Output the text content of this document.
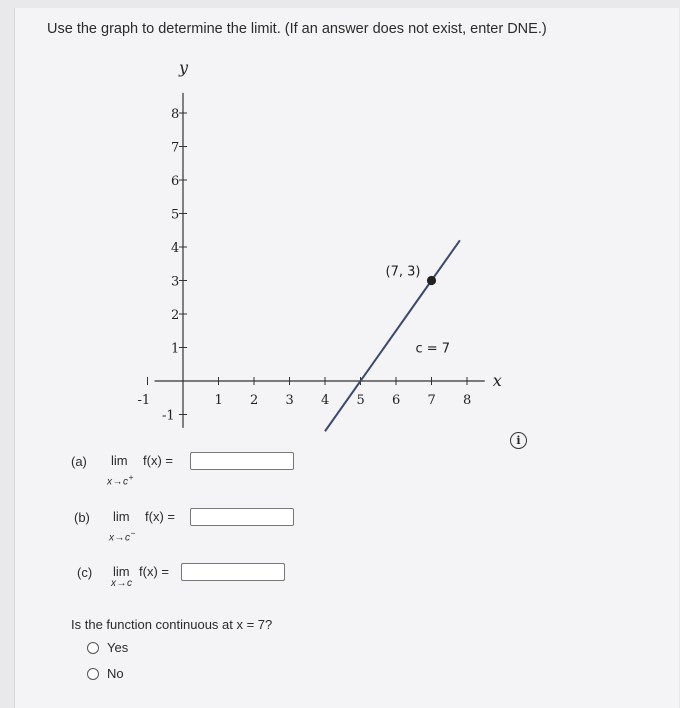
Use the graph to determine the limit. (If an answer does not exist, enter DNE.)
x
y
-1	1 2 3 4 5 6 7 8
-1
1
2
3
4
5
6
7
8
(7, 3)
c = 7
i
(a) lim
x→c+
f(x) =
(b) lim
x→c−
f(x) =
(c) lim
x→c
f(x) =
Is the function continuous at x = 7?
Yes
No
